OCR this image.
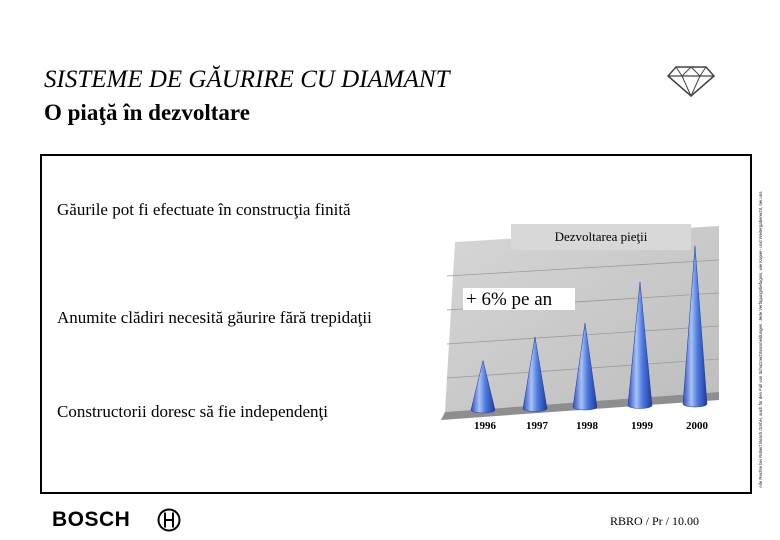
SISTEME DE GĂURIRE CU DIAMANT
O piaţă în dezvoltare
Alle Rechte bei Robert Bosch GmbH, auch für den Fall von Schutzrechtsanmeldungen. Jede Verfügungsbefugnis, wie Kopier- und Weitergaberecht, bei uns.
Găurile pot fi efectuate în construcţia finită
Anumite clădiri necesită găurire fără trepidaţii
Constructorii doresc să fie independenţi
Dezvoltarea pieţii
+ 6% pe an
1996	1997	1998	1999	2000
BOSCH	RBRO / Pr / 10.00
